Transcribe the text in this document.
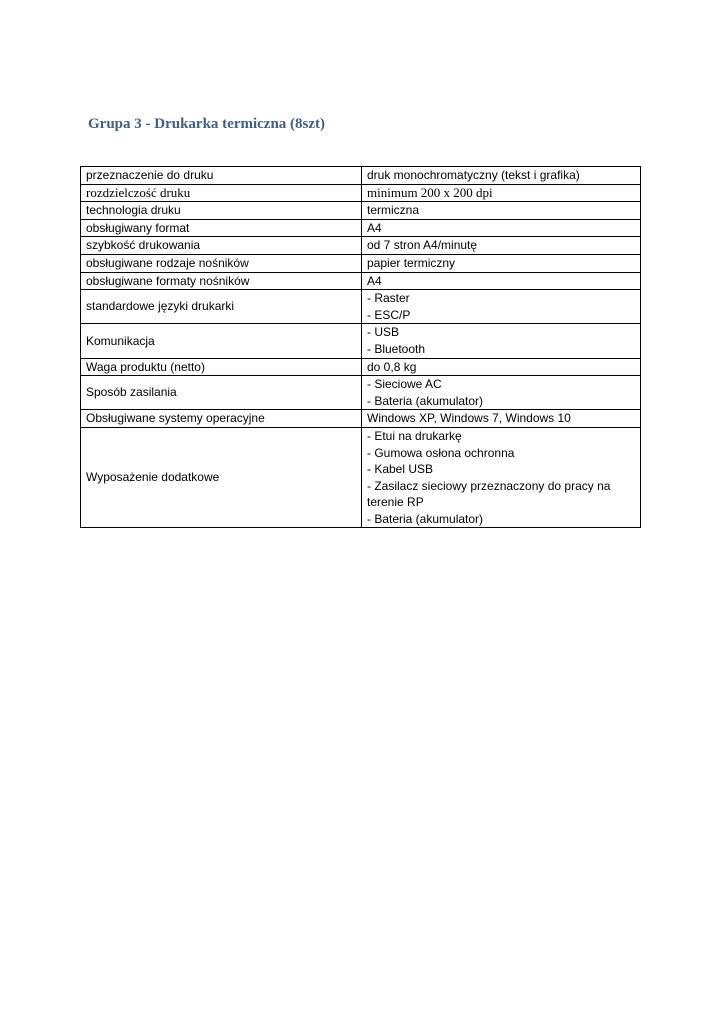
Grupa 3 - Drukarka termiczna (8szt)
przeznaczenie do druku	druk monochromatyczny (tekst i grafika)

rozdzielczość druku	minimum 200 x 200 dpi

technologia druku	termiczna

obsługiwany format	A4

szybkość drukowania	od 7 stron A4/minutę

obsługiwane rodzaje nośników	papier termiczny

obsługiwane formaty nośników	A4

standardowe języki drukarki	- Raster
- ESC/P

Komunikacja	- USB
- Bluetooth

Waga produktu (netto)	do 0,8 kg

Sposób zasilania	- Sieciowe AC
- Bateria (akumulator)

Obsługiwane systemy operacyjne	Windows XP, Windows 7, Windows 10

Wyposażenie dodatkowe	- Etui na drukarkę
- Gumowa osłona ochronna
- Kabel USB
- Zasilacz sieciowy przeznaczony do pracy na terenie RP
- Bateria (akumulator)
